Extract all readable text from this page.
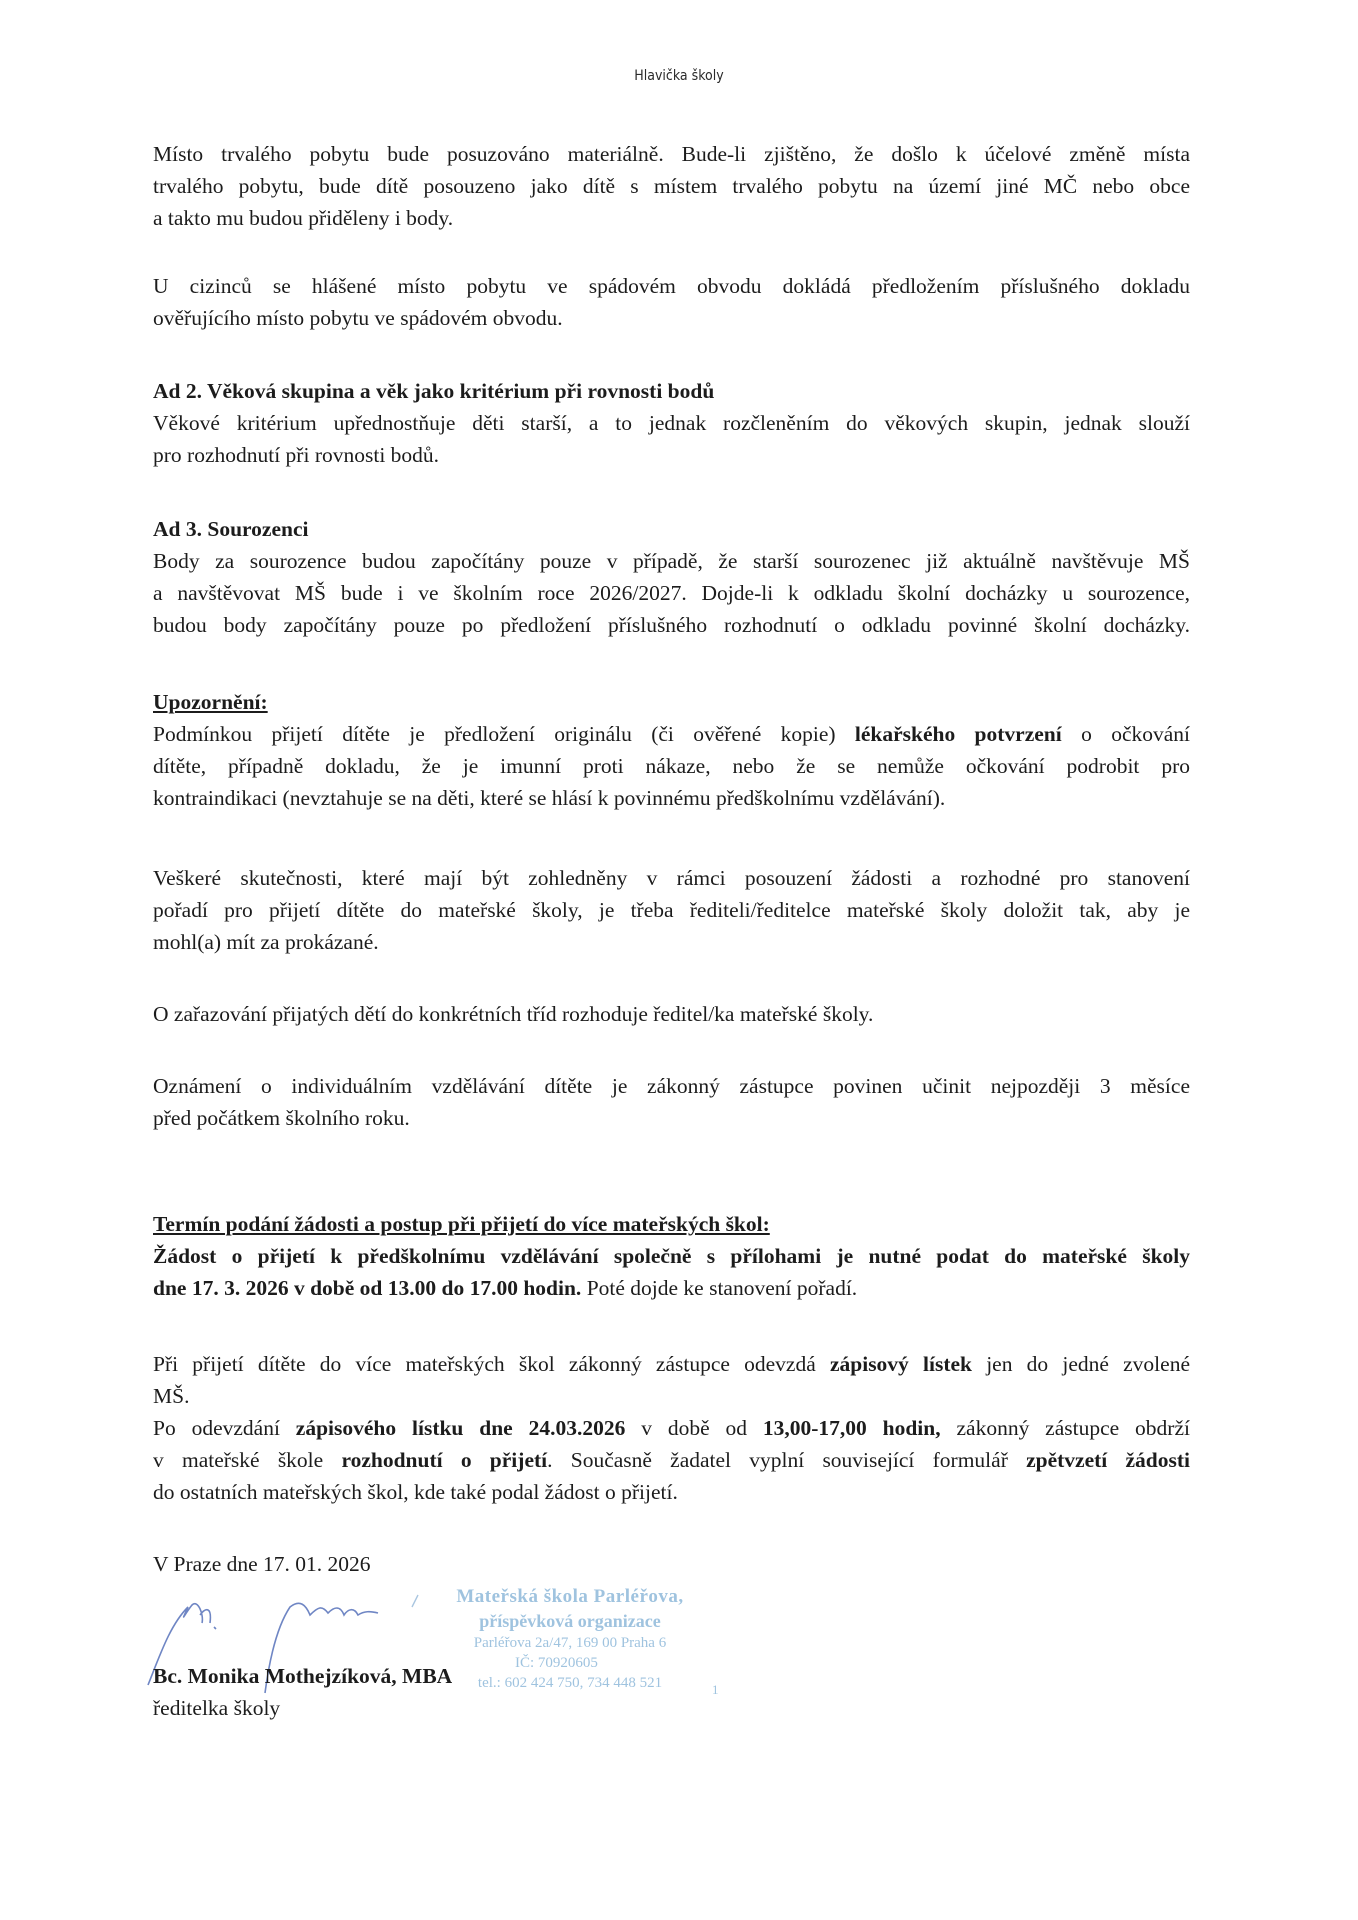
Hlavička školy
Místo trvalého pobytu bude posuzováno materiálně. Bude-li zjištěno, že došlo k účelové změně místa
trvalého pobytu, bude dítě posouzeno jako dítě s místem trvalého pobytu na území jiné MČ nebo obce
a takto mu budou přiděleny i body.
U cizinců se hlášené místo pobytu ve spádovém obvodu dokládá předložením příslušného dokladu
ověřujícího místo pobytu ve spádovém obvodu.
Ad 2. Věková skupina a věk jako kritérium při rovnosti bodů
Věkové kritérium upřednostňuje děti starší, a to jednak rozčleněním do věkových skupin, jednak slouží
pro rozhodnutí při rovnosti bodů.
Ad 3. Sourozenci
Body za sourozence budou započítány pouze v případě, že starší sourozenec již aktuálně navštěvuje MŠ
a navštěvovat MŠ bude i ve školním roce 2026/2027. Dojde-li k odkladu školní docházky u sourozence,
budou body započítány pouze po předložení příslušného rozhodnutí o odkladu povinné školní docházky.
Upozornění:
Podmínkou přijetí dítěte je předložení originálu (či ověřené kopie) lékařského potvrzení o očkování
dítěte, případně dokladu, že je imunní proti nákaze, nebo že se nemůže očkování podrobit pro
kontraindikaci (nevztahuje se na děti, které se hlásí k povinnému předškolnímu vzdělávání).
Veškeré skutečnosti, které mají být zohledněny v rámci posouzení žádosti a rozhodné pro stanovení
pořadí pro přijetí dítěte do mateřské školy, je třeba řediteli/ředitelce mateřské školy doložit tak, aby je
mohl(a) mít za prokázané.
O zařazování přijatých dětí do konkrétních tříd rozhoduje ředitel/ka mateřské školy.
Oznámení o individuálním vzdělávání dítěte je zákonný zástupce povinen učinit nejpozději 3 měsíce
před počátkem školního roku.
Termín podání žádosti a postup při přijetí do více mateřských škol:
Žádost o přijetí k předškolnímu vzdělávání společně s přílohami je nutné podat do mateřské školy
dne 17. 3. 2026 v době od 13.00 do 17.00 hodin. Poté dojde ke stanovení pořadí.
Při přijetí dítěte do více mateřských škol zákonný zástupce odevzdá zápisový lístek jen do jedné zvolené
MŠ.
Po odevzdání zápisového lístku dne 24.03.2026 v době od 13,00-17,00 hodin, zákonný zástupce obdrží
v mateřské škole rozhodnutí o přijetí. Současně žadatel vyplní související formulář zpětvzetí žádosti
do ostatních mateřských škol, kde také podal žádost o přijetí.
V Praze dne 17. 01. 2026
Bc. Monika Mothejzíková, MBA
ředitelka školy
Mateřská škola Parléřova,
příspěvková organizace
Parléřova 2a/47, 169 00 Praha 6
IČ: 70920605
tel.: 602 424 750, 734 448 521	1
